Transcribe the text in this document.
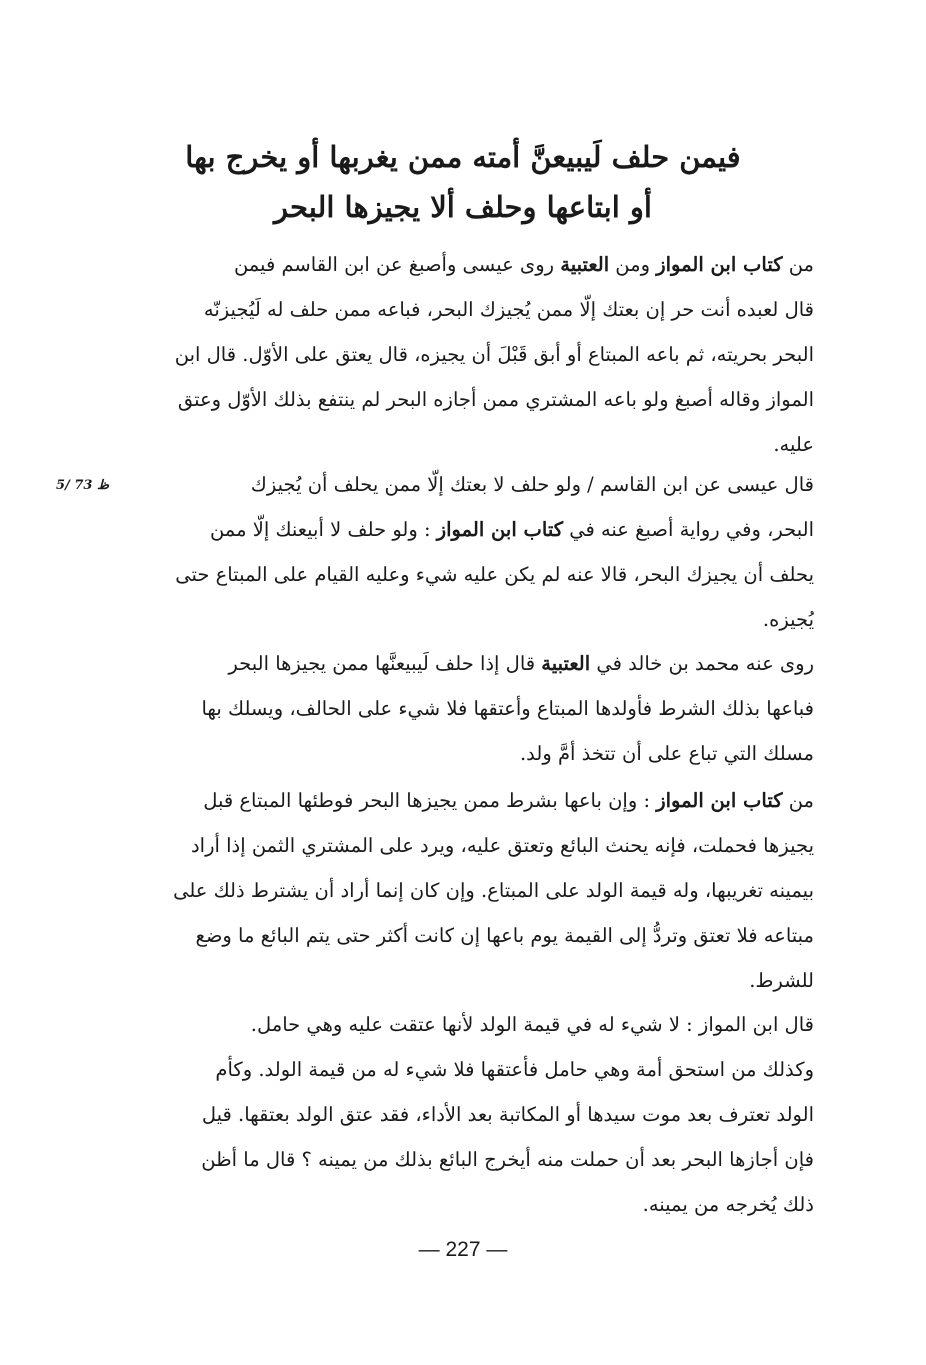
فيمن حلف لَيبيعنَّ أمته ممن يغربها أو يخرج بها
أو ابتاعها وحلف ألا يجيزها البحر
5/ 73 ظ
من كتاب ابن المواز ومن العتبية روى عيسى وأصبغ عن ابن القاسم فيمن
قال لعبده أنت حر إن بعتك إلّا ممن يُجيزك البحر، فباعه ممن حلف له لَيُجيزنّه
البحر بحريته، ثم باعه المبتاع أو أبق قَبْلَ أن يجيزه، قال يعتق على الأوّل. قال ابن
المواز وقاله أصبغ ولو باعه المشتري ممن أجازه البحر لم ينتفع بذلك الأوّل وعتق
عليه.
قال عيسى عن ابن القاسم / ولو حلف لا بعتك إلّا ممن يحلف أن يُجيزك
البحر، وفي رواية أصبغ عنه في كتاب ابن المواز : ولو حلف لا أبيعنك إلّا ممن
يحلف أن يجيزك البحر، قالا عنه لم يكن عليه شيء وعليه القيام على المبتاع حتى
يُجيزه.
روى عنه محمد بن خالد في العتبية قال إذا حلف لَيبيعنَّها ممن يجيزها البحر
فباعها بذلك الشرط فأولدها المبتاع وأعتقها فلا شيء على الحالف، ويسلك بها
مسلك التي تباع على أن تتخذ أمَّ ولد.
من كتاب ابن المواز : وإن باعها بشرط ممن يجيزها البحر فوطئها المبتاع قبل
يجيزها فحملت، فإنه يحنث البائع وتعتق عليه، ويرد على المشتري الثمن إذا أراد
بيمينه تغريبها، وله قيمة الولد على المبتاع. وإن كان إنما أراد أن يشترط ذلك على
مبتاعه فلا تعتق وتردُّ إلى القيمة يوم باعها إن كانت أكثر حتى يتم البائع ما وضع
للشرط.
قال ابن المواز : لا شيء له في قيمة الولد لأنها عتقت عليه وهي حامل.
وكذلك من استحق أمة وهي حامل فأعتقها فلا شيء له من قيمة الولد. وكأم
الولد تعترف بعد موت سيدها أو المكاتبة بعد الأداء، فقد عتق الولد بعتقها. قيل
فإن أجازها البحر بعد أن حملت منه أيخرج البائع بذلك من يمينه ؟ قال ما أظن
ذلك يُخرجه من يمينه.
— 227 —
